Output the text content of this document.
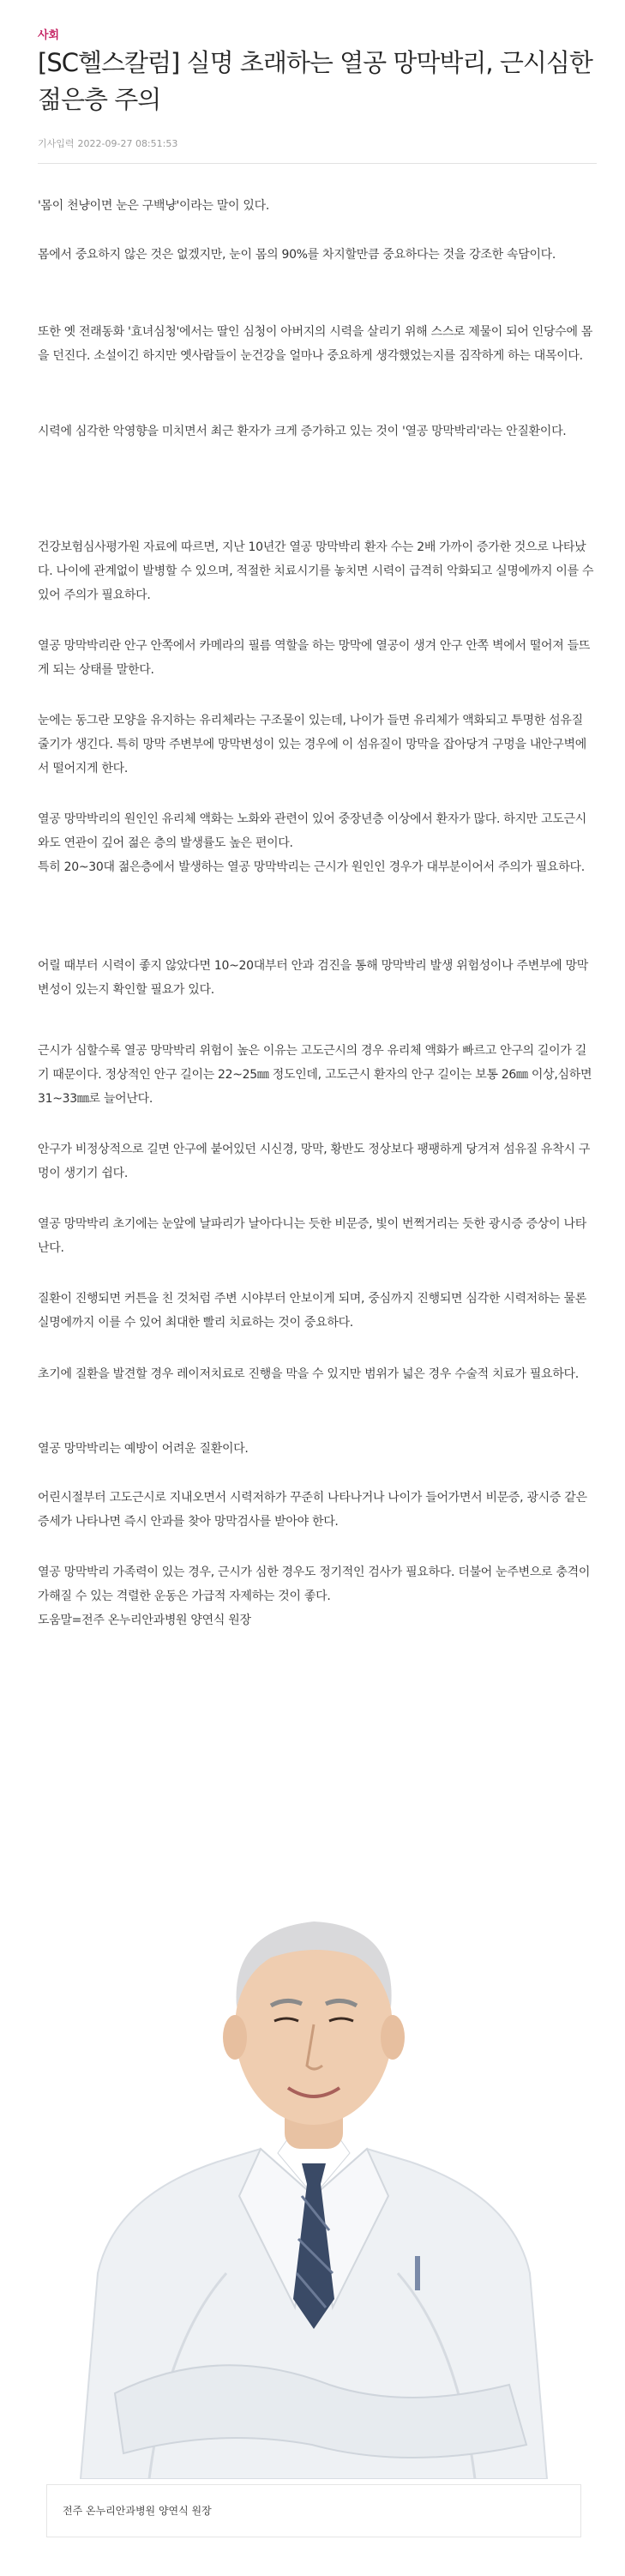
사회
[SC헬스칼럼] 실명 초래하는 열공 망막박리, 근시심한 젊은층 주의
기사입력 2022-09-27 08:51:53

'몸이 천냥이면 눈은 구백냥'이라는 말이 있다.

몸에서 중요하지 않은 것은 없겠지만, 눈이 몸의 90%를 차지할만큼 중요하다는 것을 강조한 속담이다.

또한 옛 전래동화 '효녀심청'에서는 딸인 심청이 아버지의 시력을 살리기 위해 스스로 제물이 되어 인당수에 몸을 던진다. 소설이긴 하지만 옛사람들이 눈건강을 얼마나 중요하게 생각했었는지를 짐작하게 하는 대목이다.

시력에 심각한 악영향을 미치면서 최근 환자가 크게 증가하고 있는 것이 '열공 망막박리'라는 안질환이다.

건강보험심사평가원 자료에 따르면, 지난 10년간 열공 망막박리 환자 수는 2배 가까이 증가한 것으로 나타났다. 나이에 관계없이 발병할 수 있으며, 적절한 치료시기를 놓치면 시력이 급격히 악화되고 실명에까지 이를 수 있어 주의가 필요하다.

열공 망막박리란 안구 안쪽에서 카메라의 필름 역할을 하는 망막에 열공이 생겨 안구 안쪽 벽에서 떨어져 들뜨게 되는 상태를 말한다.

눈에는 동그란 모양을 유지하는 유리체라는 구조물이 있는데, 나이가 들면 유리체가 액화되고 투명한 섬유질 줄기가 생긴다. 특히 망막 주변부에 망막변성이 있는 경우에 이 섬유질이 망막을 잡아당겨 구멍을 내안구벽에서 떨어지게 한다.

열공 망막박리의 원인인 유리체 액화는 노화와 관련이 있어 중장년층 이상에서 환자가 많다. 하지만 고도근시와도 연관이 깊어 젊은 층의 발생률도 높은 편이다.
특히 20~30대 젊은층에서 발생하는 열공 망막박리는 근시가 원인인 경우가 대부분이어서 주의가 필요하다.

어릴 때부터 시력이 좋지 않았다면 10~20대부터 안과 검진을 통해 망막박리 발생 위험성이나 주변부에 망막변성이 있는지 확인할 필요가 있다.

근시가 심할수록 열공 망막박리 위험이 높은 이유는 고도근시의 경우 유리체 액화가 빠르고 안구의 길이가 길기 때문이다. 정상적인 안구 길이는 22~25㎜ 정도인데, 고도근시 환자의 안구 길이는 보통 26㎜ 이상,심하면 31~33㎜로 늘어난다.

안구가 비정상적으로 길면 안구에 붙어있던 시신경, 망막, 황반도 정상보다 팽팽하게 당겨져 섬유질 유착시 구멍이 생기기 쉽다.

열공 망막박리 초기에는 눈앞에 날파리가 날아다니는 듯한 비문증, 빛이 번쩍거리는 듯한 광시증 증상이 나타난다.

질환이 진행되면 커튼을 친 것처럼 주변 시야부터 안보이게 되며, 중심까지 진행되면 심각한 시력저하는 물론 실명에까지 이를 수 있어 최대한 빨리 치료하는 것이 중요하다.

초기에 질환을 발견할 경우 레이저치료로 진행을 막을 수 있지만 범위가 넓은 경우 수술적 치료가 필요하다.

열공 망막박리는 예방이 어려운 질환이다.

어린시절부터 고도근시로 지내오면서 시력저하가 꾸준히 나타나거나 나이가 들어가면서 비문증, 광시증 같은 증세가 나타나면 즉시 안과를 찾아 망막검사를 받아야 한다.

열공 망막박리 가족력이 있는 경우, 근시가 심한 경우도 정기적인 검사가 필요하다. 더불어 눈주변으로 충격이 가해질 수 있는 격렬한 운동은 가급적 자제하는 것이 좋다.
도움말=전주 온누리안과병원 양연식 원장

전주 온누리안과병원 양연식 원장
